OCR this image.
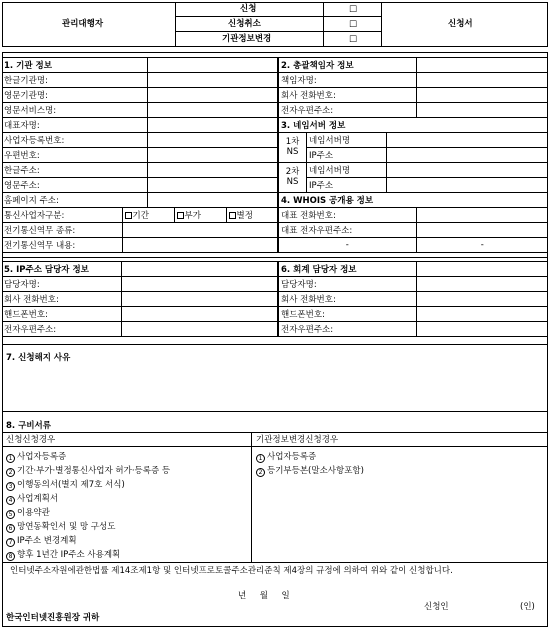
관리대행자
신청	□
신청취소	□
기관정보변경	□
신청서
1. 기관 정보	
한글기관명:	
영문기관명:	
영문서비스명:	
대표자명:	
사업자등록번호:	
우편번호:	
한글주소:	
영문주소:	
홈페이지 주소:	
통신사업자구분:	기간	부가	별정
전기통신역무 종류:			
전기통신역무 내용:			
2. 총괄책임자 정보	
책임자명:	
회사 전화번호:	
전자우편주소:	
3. 네임서버 정보		
1차 NS	네임서버명	
	IP주소	
2차 NS	네임서버명	
	IP주소	
4. WHOIS 공개용 정보	
대표 전화번호:	
대표 전자우편주소:	
-	-
5. IP주소 담당자 정보	
담당자명:	
회사 전화번호:	
핸드폰번호:	
전자우편주소:	
6. 회계 담당자 정보	
담당자명:	
회사 전화번호:	
핸드폰번호:	
전자우편주소:	
7. 신청해지 사유
8. 구비서류
신청신청경우	기관정보변경신청경우
1 사업자등록증
2 기간·부가·별정통신사업자 허가·등록증 등
3 이행동의서(별지 제7호 서식)
4 사업계획서
5 이용약관
6 망연동확인서 및 망 구성도
7 IP주소 변경계획
8 향후 1년간 IP주소 사용계획
1 사업자등록증
2 등기부등본(말소사항포함)
인터넷주소자원에관한법률 제14조제1항 및 인터넷프로토콜주소관리준칙 제4장의 규정에 의하여 위와 같이 신청합니다.
년     월     일
신청인	(인)
한국인터넷진흥원장 귀하
